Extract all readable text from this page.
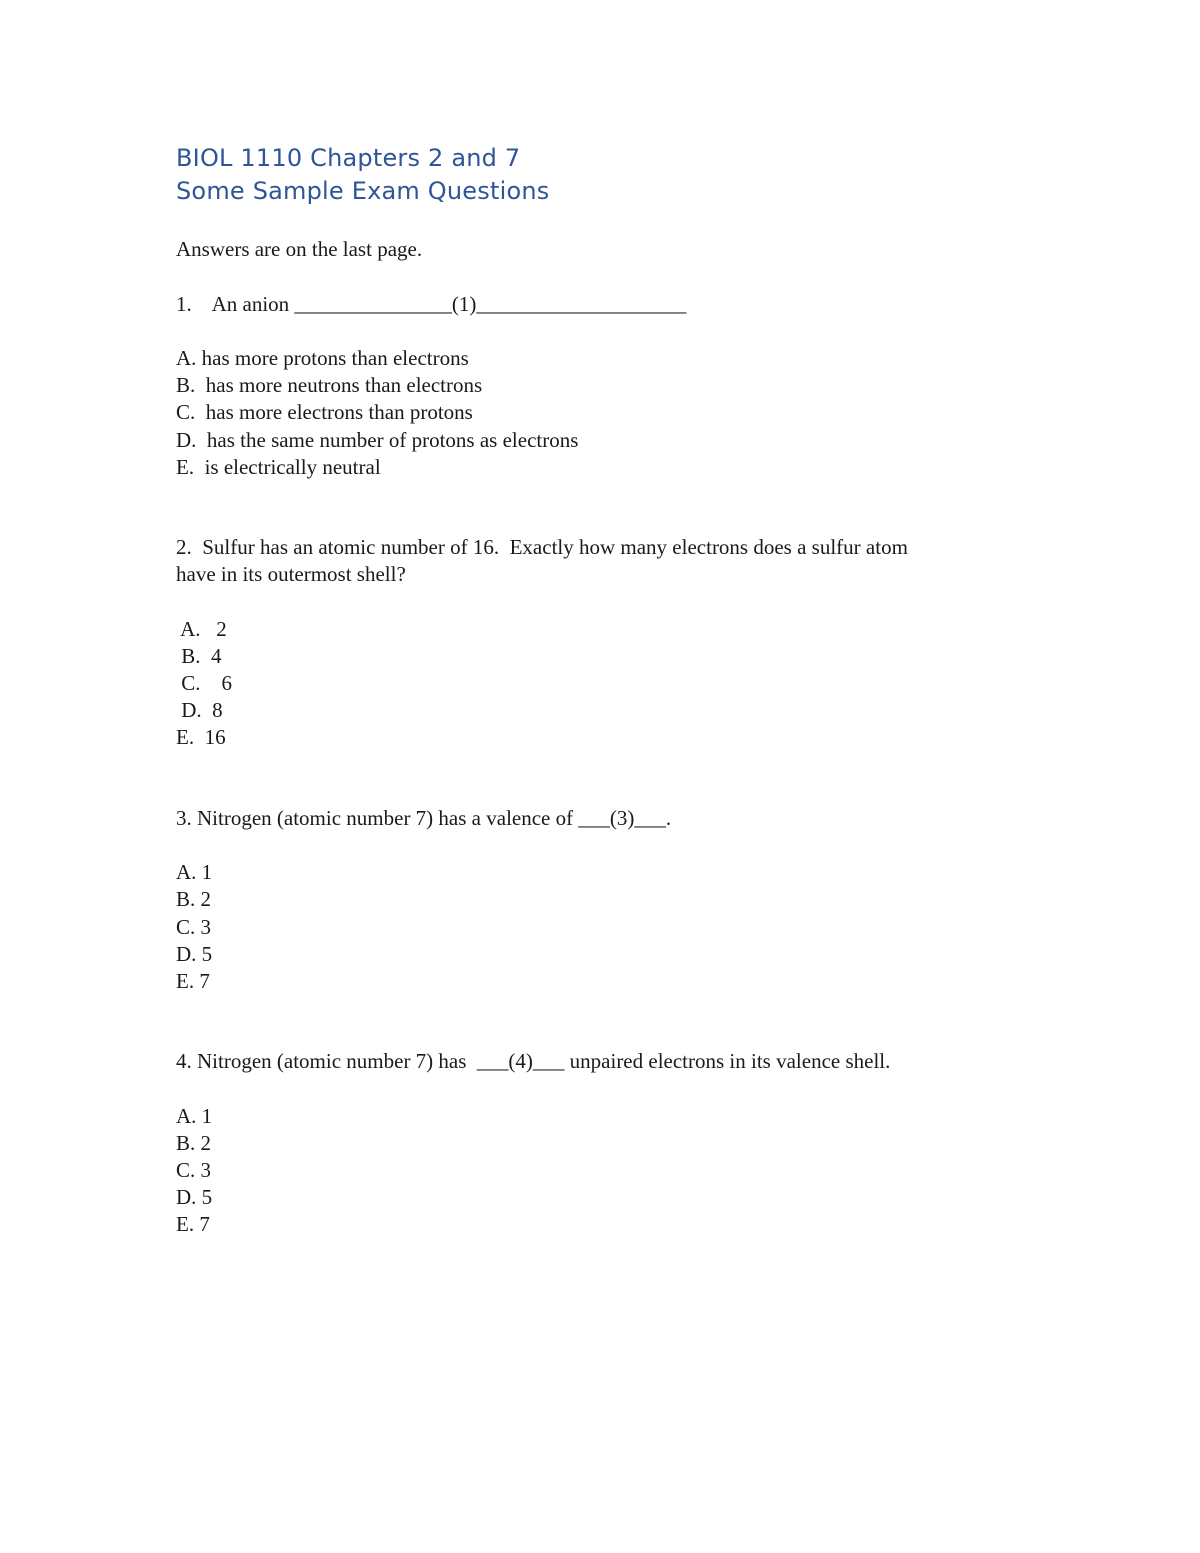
BIOL 1110 Chapters 2 and 7
Some Sample Exam Questions
Answers are on the last page.
1.    An anion _______________(1)____________________
A. has more protons than electrons
B.  has more neutrons than electrons
C.  has more electrons than protons
D.  has the same number of protons as electrons
E.  is electrically neutral
2.  Sulfur has an atomic number of 16.  Exactly how many electrons does a sulfur atom
have in its outermost shell?
A.   2
B.  4
C.    6
D.  8
E.  16
3. Nitrogen (atomic number 7) has a valence of ___(3)___.
A. 1
B. 2
C. 3
D. 5
E. 7
4. Nitrogen (atomic number 7) has  ___(4)___ unpaired electrons in its valence shell.
A. 1
B. 2
C. 3
D. 5
E. 7
